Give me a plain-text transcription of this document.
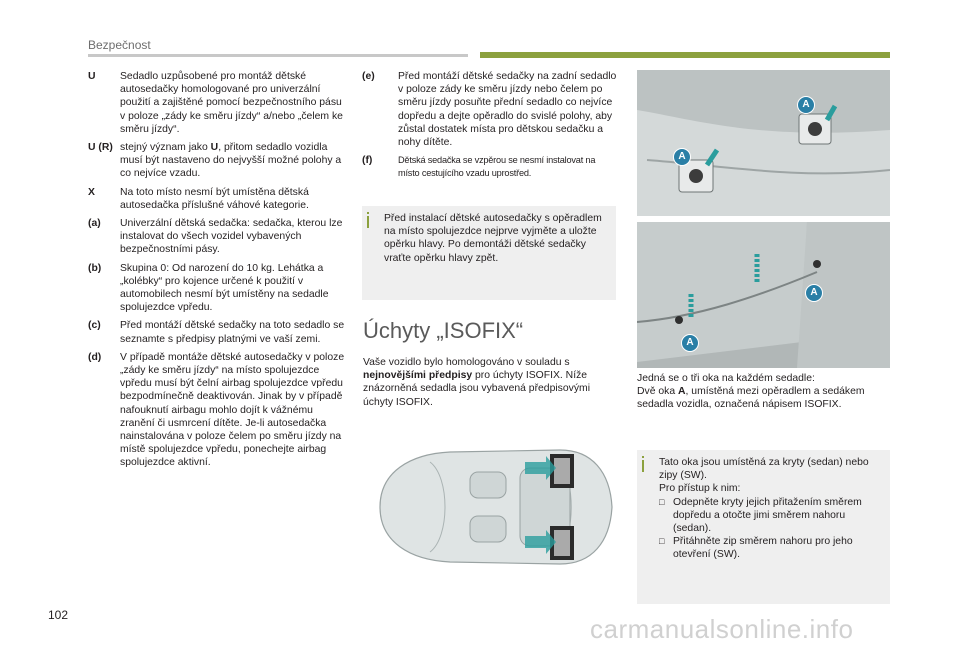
Bezpečnost
U	Sedadlo uzpůsobené pro montáž dětské autosedačky homologované pro univerzální použití a zajištěné pomocí bezpečnostního pásu v poloze „zády ke směru jízdy“ a/nebo „čelem ke směru jízdy“.
U (R) stejný význam jako U, přitom sedadlo vozidla musí být nastaveno do nejvyšší možné polohy a co nejvíce vzadu.
X	Na toto místo nesmí být umístěna dětská autosedačka příslušné váhové kategorie.
(a)	Univerzální dětská sedačka: sedačka, kterou lze instalovat do všech vozidel vybavených bezpečnostními pásy.
(b)	Skupina 0: Od narození do 10 kg. Lehátka a „kolébky“ pro kojence určené k použití v automobilech nesmí být umístěny na sedadle spolujezdce vpředu.
(c)	Před montáží dětské sedačky na toto sedadlo se seznamte s předpisy platnými ve vaší zemi.
(d)	V případě montáže dětské autosedačky v poloze „zády ke směru jízdy“ na místo spolujezdce vpředu musí být čelní airbag spolujezdce vpředu bezpodmínečně deaktivován. Jinak by v případě nafouknutí airbagu mohlo dojít k vážnému zranění či usmrcení dítěte. Je-li autosedačka nainstalována v poloze čelem po směru jízdy na místě spolujezdce vpředu, ponechejte airbag spolujezdce aktivní.
(e)	Před montáží dětské sedačky na zadní sedadlo v poloze zády ke směru jízdy nebo čelem po směru jízdy posuňte přední sedadlo co nejvíce dopředu a dejte opěradlo do svislé polohy, aby zůstal dostatek místa pro dětskou sedačku a nohy dítěte.
(f)	Dětská sedačka se vzpěrou se nesmí instalovat na místo cestujícího vzadu uprostřed.
Před instalací dětské autosedačky s opěradlem na místo spolujezdce nejprve vyjměte a uložte opěrku hlavy. Po demontáži dětské sedačky vraťte opěrku hlavy zpět.
Úchyty „ISOFIX“
Vaše vozidlo bylo homologováno v souladu s nejnovějšími předpisy pro úchyty ISOFIX. Níže znázorněná sedadla jsou vybavená předpisovými úchyty ISOFIX.
A
A
A
A
Jedná se o tři oka na každém sedadle:
Dvě oka A, umístěná mezi opěradlem a sedákem sedadla vozidla, označená nápisem ISOFIX.
Tato oka jsou umístěná za kryty (sedan) nebo zipy (SW).
Pro přístup k nim:
□ Odepněte kryty jejich přitažením směrem dopředu a otočte jimi směrem nahoru (sedan).
□ Přitáhněte zip směrem nahoru pro jeho otevření (SW).
102	carmanualsonline.info
